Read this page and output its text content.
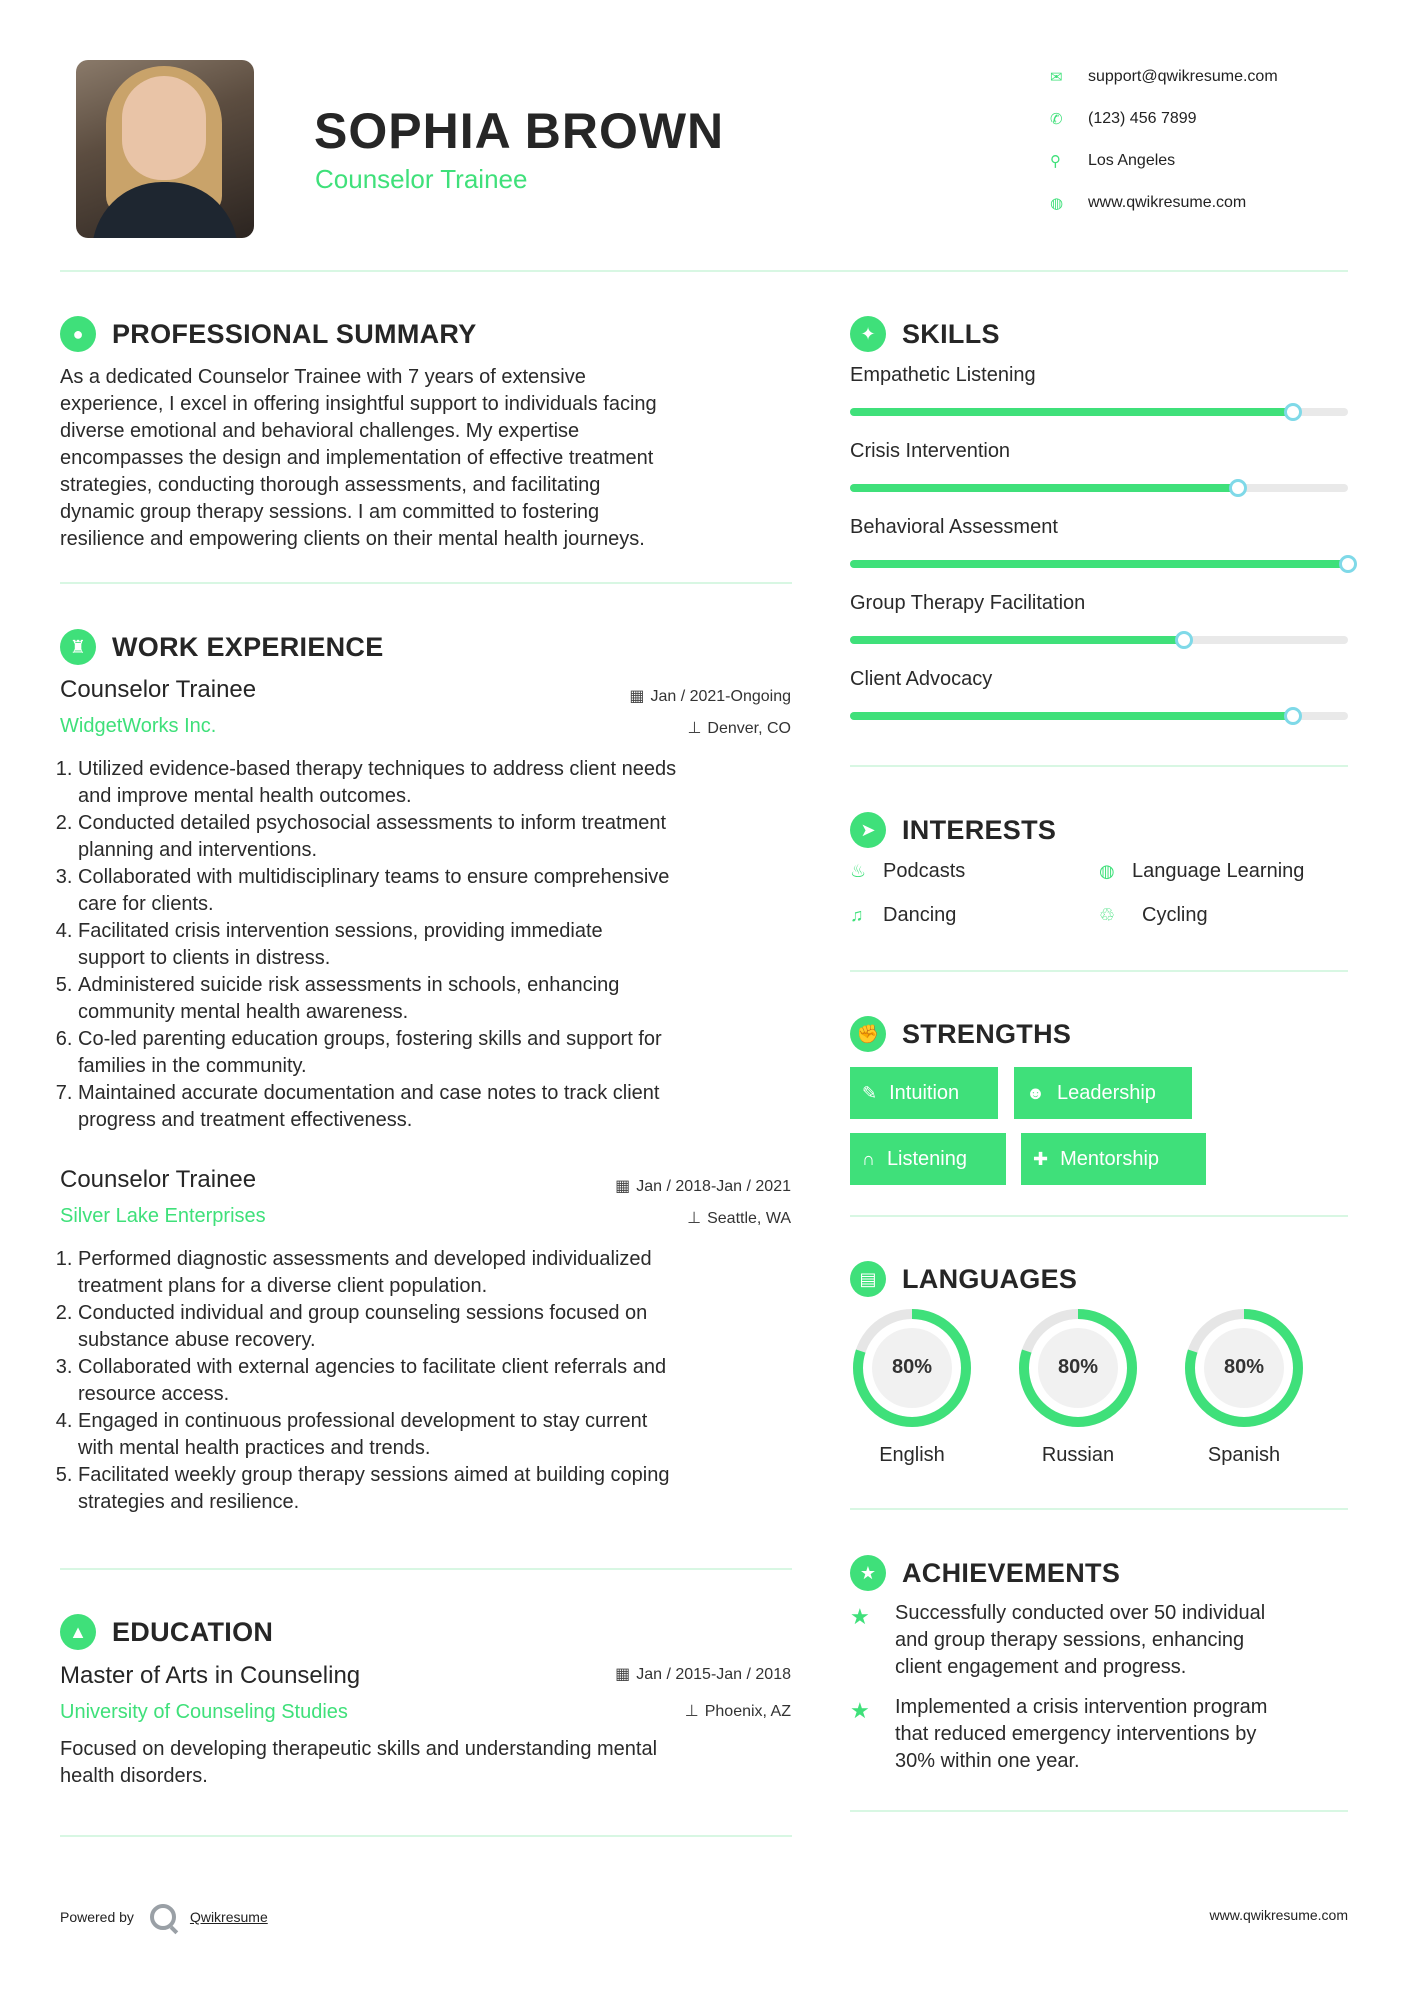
SOPHIA BROWN
Counselor Trainee
✉	support@qwikresume.com
✆	(123) 456 7899
⚲	Los Angeles
◍	www.qwikresume.com
●	PROFESSIONAL SUMMARY
As a dedicated Counselor Trainee with 7 years of extensive
experience, I excel in offering insightful support to individuals facing
diverse emotional and behavioral challenges. My expertise
encompasses the design and implementation of effective treatment
strategies, conducting thorough assessments, and facilitating
dynamic group therapy sessions. I am committed to fostering
resilience and empowering clients on their mental health journeys.
♜ WORK EXPERIENCE
Counselor Trainee
WidgetWorks Inc.
▦ Jan / 2021-Ongoing
⊥ Denver, CO
1. Utilized evidence-based therapy techniques to address client needs
and improve mental health outcomes.
2. Conducted detailed psychosocial assessments to inform treatment
planning and interventions.
3. Collaborated with multidisciplinary teams to ensure comprehensive
care for clients.
4. Facilitated crisis intervention sessions, providing immediate
support to clients in distress.
5. Administered suicide risk assessments in schools, enhancing
community mental health awareness.
6. Co-led parenting education groups, fostering skills and support for
families in the community.
7. Maintained accurate documentation and case notes to track client
progress and treatment effectiveness.
Counselor Trainee
Silver Lake Enterprises
▦ Jan / 2018-Jan / 2021
⊥ Seattle, WA
1. Performed diagnostic assessments and developed individualized
treatment plans for a diverse client population.
2. Conducted individual and group counseling sessions focused on
substance abuse recovery.
3. Collaborated with external agencies to facilitate client referrals and
resource access.
4. Engaged in continuous professional development to stay current
with mental health practices and trends.
5. Facilitated weekly group therapy sessions aimed at building coping
strategies and resilience.
▲ EDUCATION
Master of Arts in Counseling
University of Counseling Studies
▦ Jan / 2015-Jan / 2018
⊥ Phoenix, AZ
Focused on developing therapeutic skills and understanding mental
health disorders.
✦ SKILLS
Empathetic Listening
Crisis Intervention
Behavioral Assessment
Group Therapy Facilitation
Client Advocacy
➤ INTERESTS
♨ Podcasts	◍ Language Learning
♫ Dancing	♲	Cycling
✊ STRENGTHS
✎ Intuition	☻ Leadership
∩ Listening	✚ Mentorship
▤ LANGUAGES
80%
English
80%
Russian
80%
Spanish
★ ACHIEVEMENTS
★ Successfully conducted over 50 individual
and group therapy sessions, enhancing
client engagement and progress.
★ Implemented a crisis intervention program
that reduced emergency interventions by
30% within one year.
Powered by	Qwikresume	www.qwikresume.com
